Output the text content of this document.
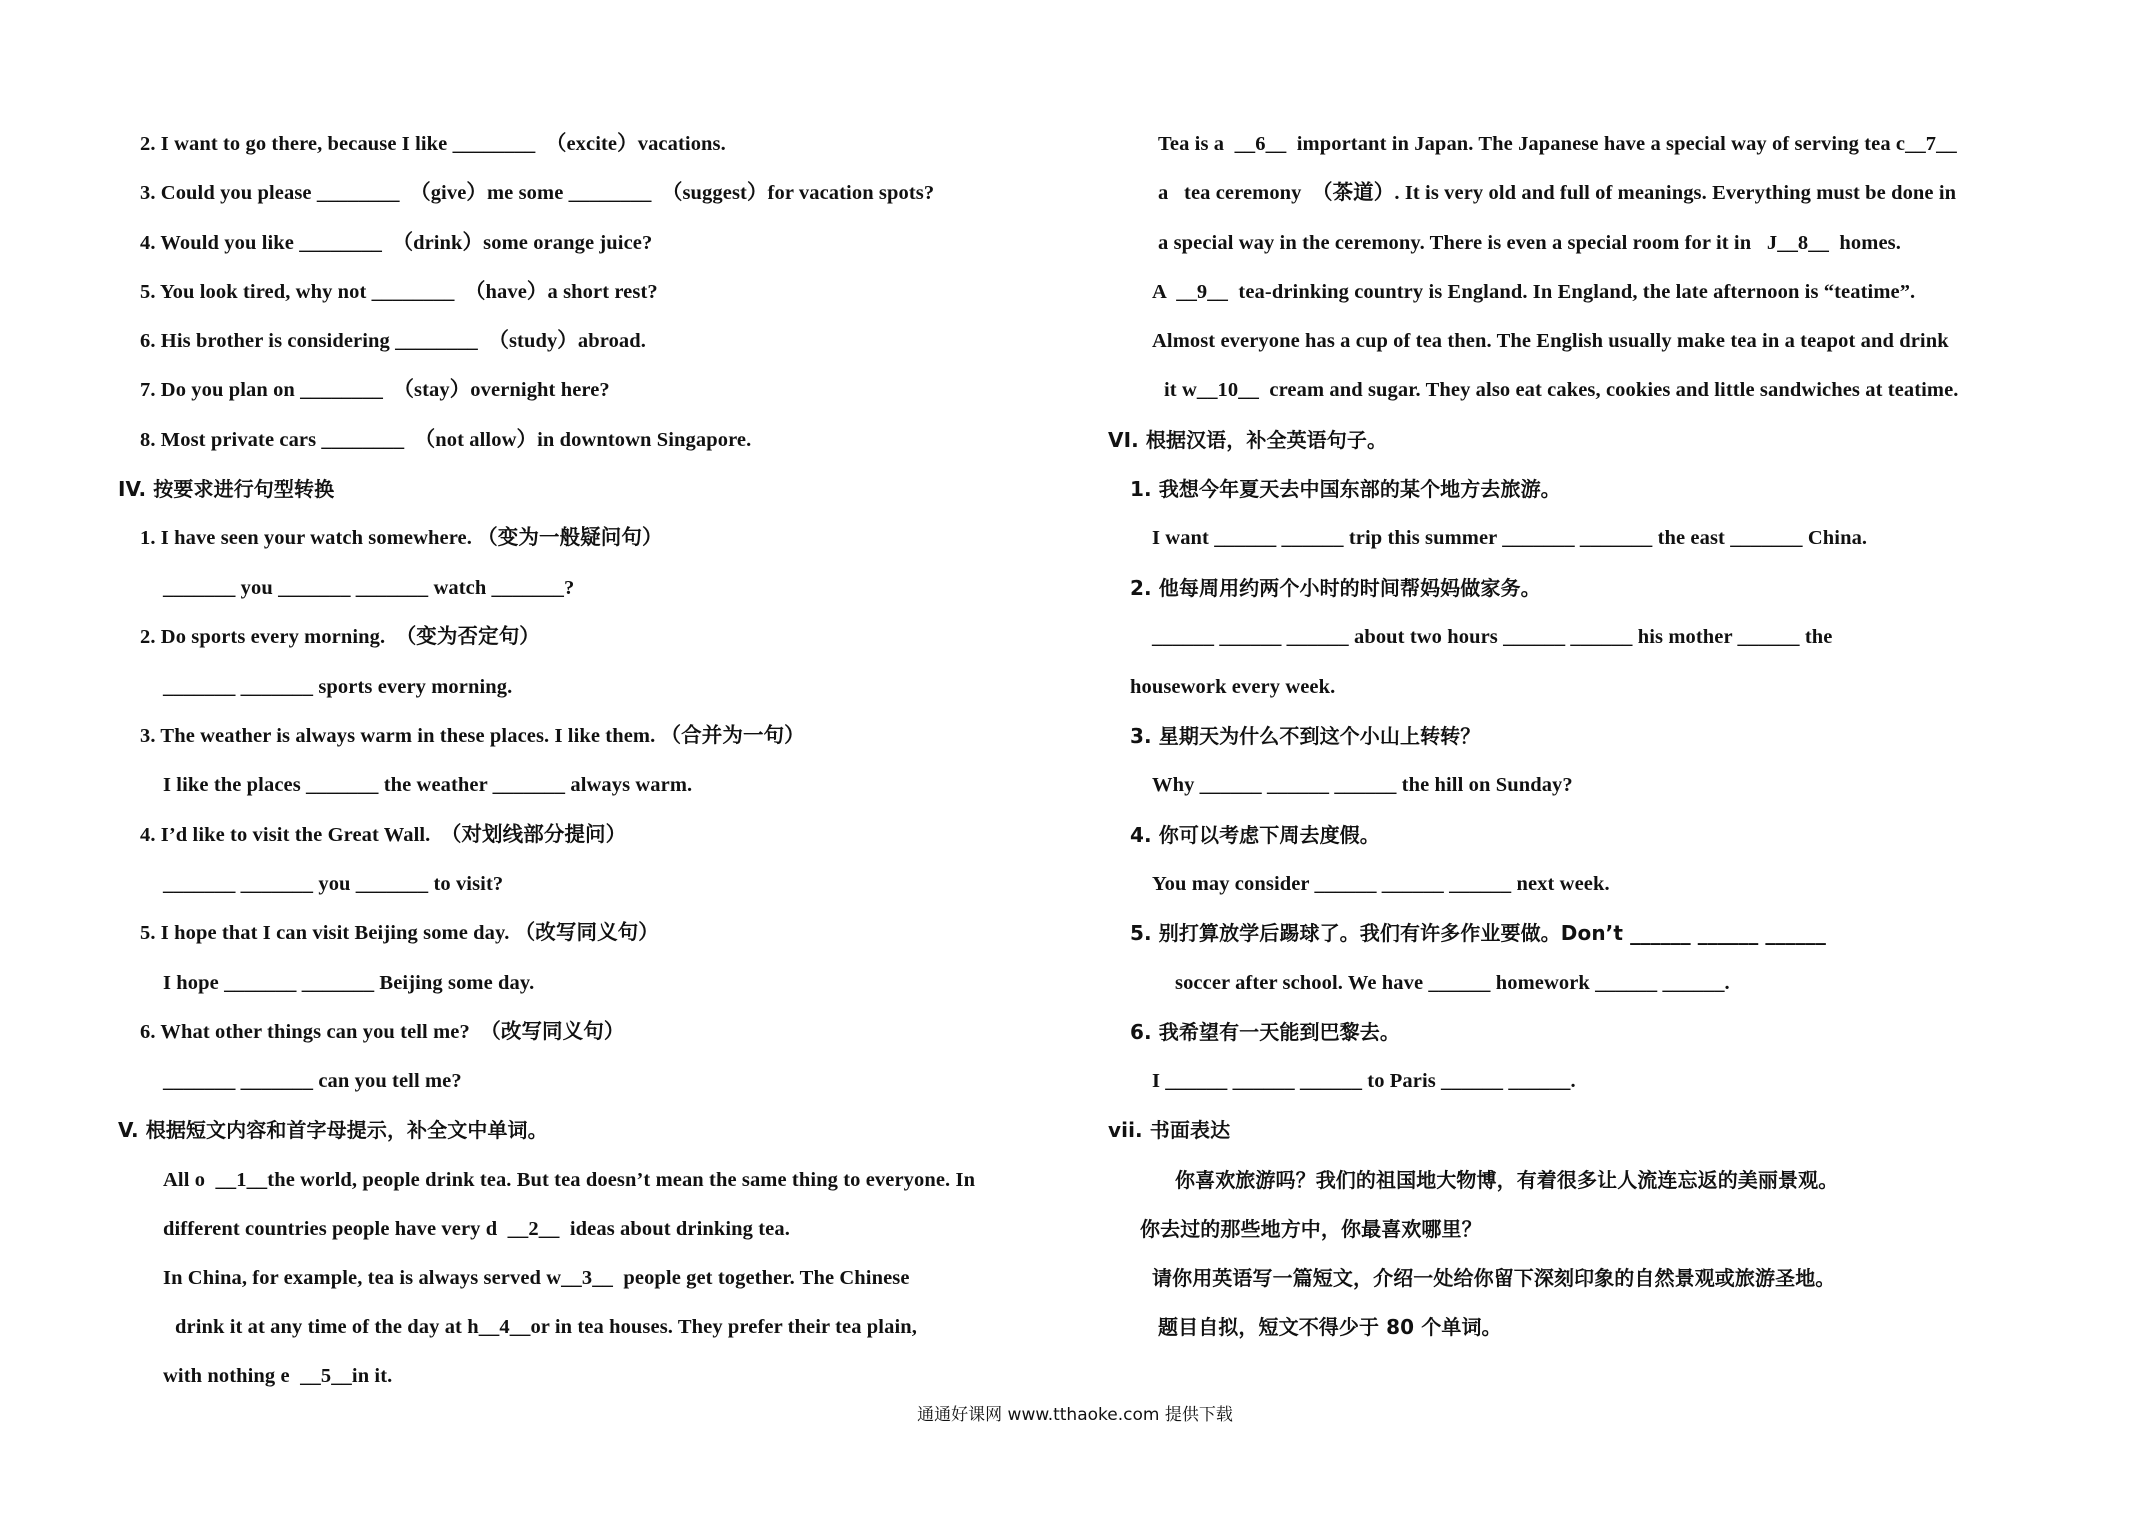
2. I want to go there, because I like ________  （excite）vacations.
3. Could you please ________  （give）me some ________  （suggest）for vacation spots?
4. Would you like ________  （drink）some orange juice?
5. You look tired, why not ________  （have）a short rest?
6. His brother is considering ________  （study）abroad.
7. Do you plan on ________  （stay）overnight here?
8. Most private cars ________  （not allow）in downtown Singapore.
IV. 按要求进行句型转换
1. I have seen your watch somewhere. （变为一般疑问句）
_______ you _______ _______ watch _______?
2. Do sports every morning.  （变为否定句）
_______ _______ sports every morning.
3. The weather is always warm in these places. I like them. （合并为一句）
I like the places _______ the weather _______ always warm.
4. I’d like to visit the Great Wall.  （对划线部分提问）
_______ _______ you _______ to visit?
5. I hope that I can visit Beijing some day. （改写同义句）
I hope _______ _______ Beijing some day.
6. What other things can you tell me?  （改写同义句）
_______ _______ can you tell me?
V. 根据短文内容和首字母提示，补全文中单词。
All o  __1__the world, people drink tea. But tea doesn’t mean the same thing to everyone. In
different countries people have very d  __2__  ideas about drinking tea.
In China, for example, tea is always served w__3__  people get together. The Chinese
drink it at any time of the day at h__4__or in tea houses. They prefer their tea plain,
with nothing e  __5__in it.
Tea is a  __6__  important in Japan. The Japanese have a special way of serving tea c__7__
a   tea ceremony  （茶道）. It is very old and full of meanings. Everything must be done in
a special way in the ceremony. There is even a special room for it in   J__8__  homes.
A  __9__  tea-drinking country is England. In England, the late afternoon is “teatime”.
Almost everyone has a cup of tea then. The English usually make tea in a teapot and drink
it w__10__  cream and sugar. They also eat cakes, cookies and little sandwiches at teatime.
VI. 根据汉语，补全英语句子。
1. 我想今年夏天去中国东部的某个地方去旅游。
I want ______ ______ trip this summer _______ _______ the east _______ China.
2. 他每周用约两个小时的时间帮妈妈做家务。
______ ______ ______ about two hours ______ ______ his mother ______ the
housework every week.
3. 星期天为什么不到这个小山上转转？
Why ______ ______ ______ the hill on Sunday?
4. 你可以考虑下周去度假。
You may consider ______ ______ ______ next week.
5. 别打算放学后踢球了。我们有许多作业要做。Don’t ______ ______ ______
soccer after school. We have ______ homework ______ ______.
6. 我希望有一天能到巴黎去。
I ______ ______ ______ to Paris ______ ______.
vii. 书面表达
你喜欢旅游吗？我们的祖国地大物博，有着很多让人流连忘返的美丽景观。
你去过的那些地方中，你最喜欢哪里？
请你用英语写一篇短文，介绍一处给你留下深刻印象的自然景观或旅游圣地。
题目自拟，短文不得少于 80 个单词。
通通好课网 www.tthaoke.com 提供下载
